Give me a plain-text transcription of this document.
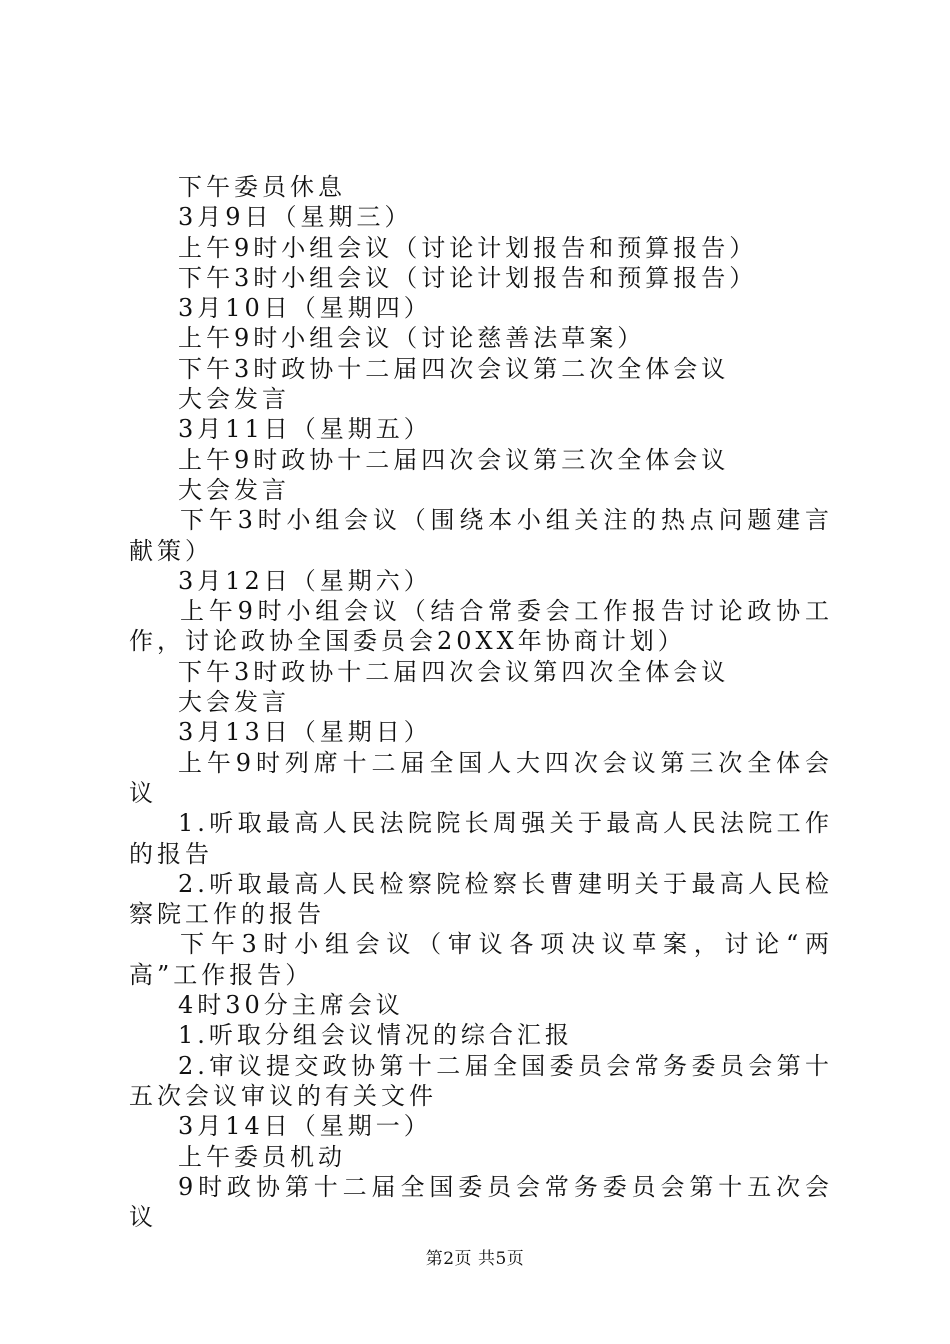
下午委员休息

3月9日（星期三）

上午9时小组会议（讨论计划报告和预算报告）

下午3时小组会议（讨论计划报告和预算报告）

3月10日（星期四）

上午9时小组会议（讨论慈善法草案）

下午3时政协十二届四次会议第二次全体会议

大会发言

3月11日（星期五）

上午9时政协十二届四次会议第三次全体会议

大会发言

下午3时小组会议（围绕本小组关注的热点问题建言献策）

3月12日（星期六）

上午9时小组会议（结合常委会工作报告讨论政协工作，讨论政协全国委员会20XX年协商计划）

下午3时政协十二届四次会议第四次全体会议

大会发言

3月13日（星期日）

上午9时列席十二届全国人大四次会议第三次全体会议

1.听取最高人民法院院长周强关于最高人民法院工作的报告

2.听取最高人民检察院检察长曹建明关于最高人民检察院工作的报告

下午3时小组会议（审议各项决议草案，讨论“两高”工作报告）

4时30分主席会议

1.听取分组会议情况的综合汇报

2.审议提交政协第十二届全国委员会常务委员会第十五次会议审议的有关文件

3月14日（星期一）

上午委员机动

9时政协第十二届全国委员会常务委员会第十五次会议

第2页 共5页
